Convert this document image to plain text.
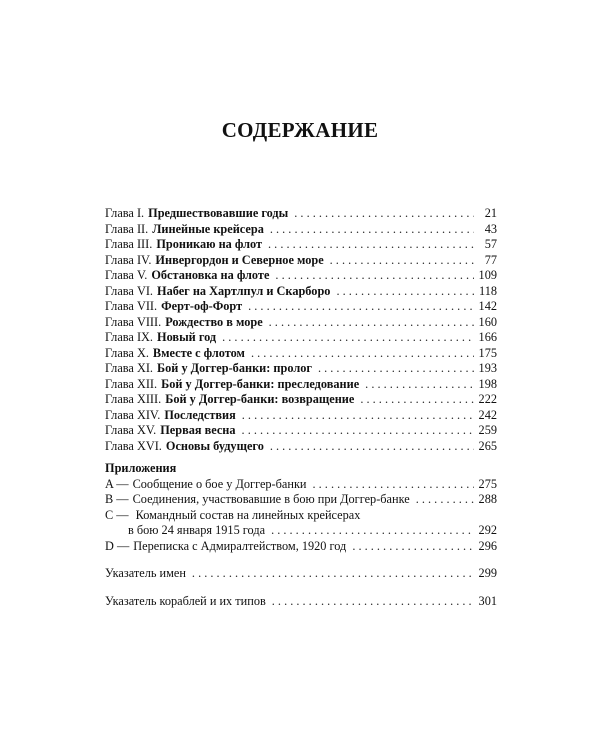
СОДЕРЖАНИЕ
Глава I. Предшествовавшие годы . . .	21
Глава II. Линейные крейсера . . .	43
Глава III. Проникаю на флот . . .	57
Глава IV. Инвергордон и Северное море . . .	77
Глава V. Обстановка на флоте . . .	109
Глава VI. Набег на Хартлпул и Скарборо . . .	118
Глава VII. Ферт-оф-Форт . . .	142
Глава VIII. Рождество в море . . .	160
Глава IX. Новый год . . .	166
Глава X. Вместе с флотом . . .	175
Глава XI. Бой у Доггер-банки: пролог . . .	193
Глава XII. Бой у Доггер-банки: преследование . . .	198
Глава XIII. Бой у Доггер-банки: возвращение . . .	222
Глава XIV. Последствия . . .	242
Глава XV. Первая весна . . .	259
Глава XVI. Основы будущего . . .	265
Приложения
A — Сообщение о бое у Доггер-банки . . .	275
B — Соединения, участвовавшие в бою при Доггер-банке . . .	288
C — Командный состав на линейных крейсерах
в бою 24 января 1915 года . . .	292
D — Переписка с Адмиралтейством, 1920 год . . .	296
Указатель имен . . .	299
Указатель кораблей и их типов . . .	301
